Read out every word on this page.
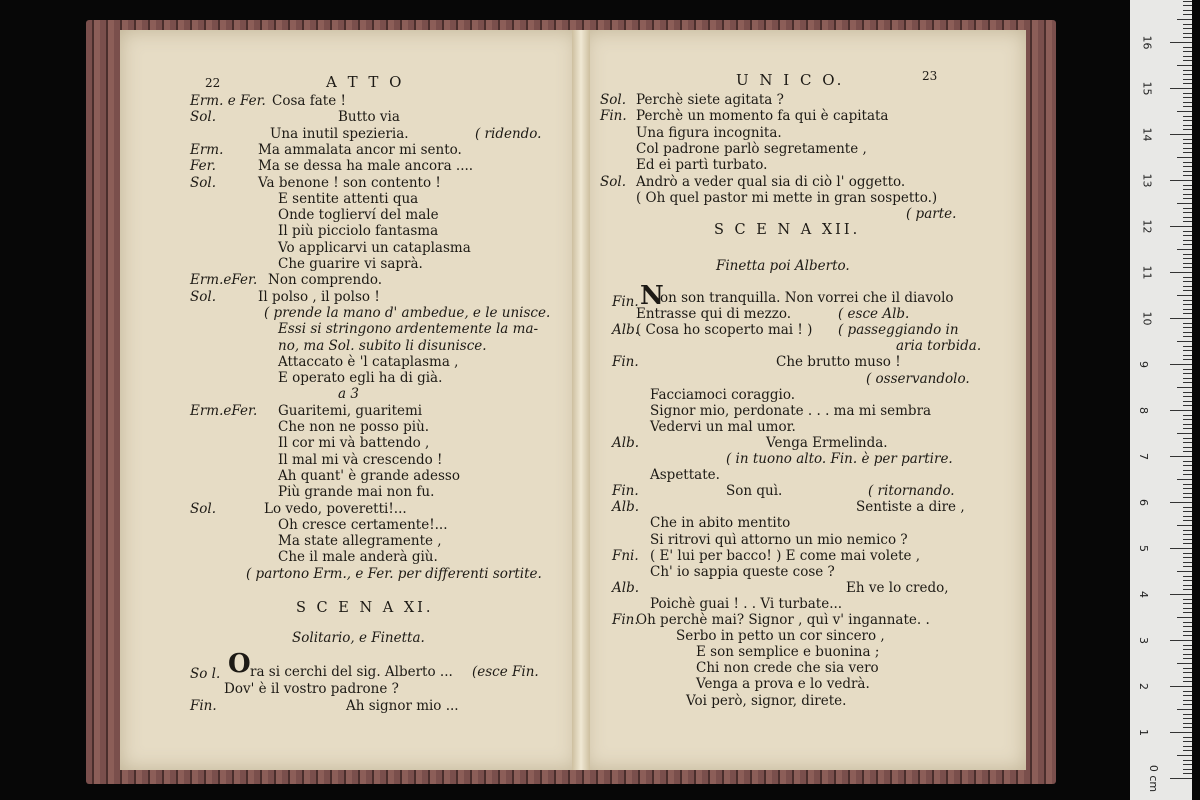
22	A T T O
Erm. e Fer. Cosa fate !
Sol.	Butto via
Una inutil spezieria.	( ridendo.
Erm.	Ma ammalata ancor mi sento.
Fer.	Ma se dessa ha male ancora ....
Sol.	Va benone ! son contento !
E sentite attenti qua
Onde toglierví del male
Il più picciolo fantasma
Vo applicarvi un cataplasma
Che guarire vi saprà.
Erm.eFer. Non comprendo.
Sol.	Il polso , il polso !
( prende la mano d' ambedue, e le unisce.
Essi si stringono ardentemente la ma-
no, ma Sol. subito li disunisce.
Attaccato è 'l cataplasma ,
E operato egli ha di già.
a 3
Erm.eFer. Guaritemi, guaritemi
Che non ne posso più.
Il cor mi và battendo ,
Il mal mi và crescendo !
Ah quant' è grande adesso
Più grande mai non fu.
Sol.	Lo vedo, poveretti!...
Oh cresce certamente!...
Ma state allegramente ,
Che il male anderà giù.
( partono Erm., e Fer. per differenti sortite.
S C E N A XI.
Solitario, e Finetta.
So l. O ra si cerchi del sig. Alberto ... (esce Fin.
Dov' è il vostro padrone ?
Fin.	Ah signor mio ...
U N I C O.	23
Sol. Perchè siete agitata ?
Fin. Perchè un momento fa qui è capitata
Una figura incognita.
Col padrone parlò segretamente ,
Ed ei partì turbato.
Sol. Andrò a veder qual sia di ciò l' oggetto.
( Oh quel pastor mi mette in gran sospetto.)
( parte.
S C E N A XII.
Finetta poi Alberto.
Fin. N
on son tranquilla. Non vorrei che il diavolo
Entrasse qui di mezzo.	( esce Alb.
Alb.
( Cosa ho scoperto mai ! ) ( passeggiando in
aria torbida.
Fin.	Che brutto muso !
( osservandolo.
Facciamoci coraggio.
Signor mio, perdonate . . . ma mi sembra
Vedervi un mal umor.
Alb.	Venga Ermelinda.
( in tuono alto. Fin. è per partire.
Aspettate.
Fin.	Son quì.	( ritornando.
Alb.	Sentiste a dire ,
Che in abito mentito
Si ritrovi quì attorno un mio nemico ?
Fni. ( E' lui per bacco! ) E come mai volete ,
Ch' io sappia queste cose ?
Alb.	Eh ve lo credo,
Poichè guai ! . . Vi turbate...
Fin.
Oh perchè mai? Signor , quì v' ingannate. .
Serbo in petto un cor sincero ,
E son semplice e buonina ;
Chi non crede che sia vero
Venga a prova e lo vedrà.
Voi però, signor, direte.
16
15
14
13
12
11
10
9
8
7
6
5
4
3
2
1
0 cm
